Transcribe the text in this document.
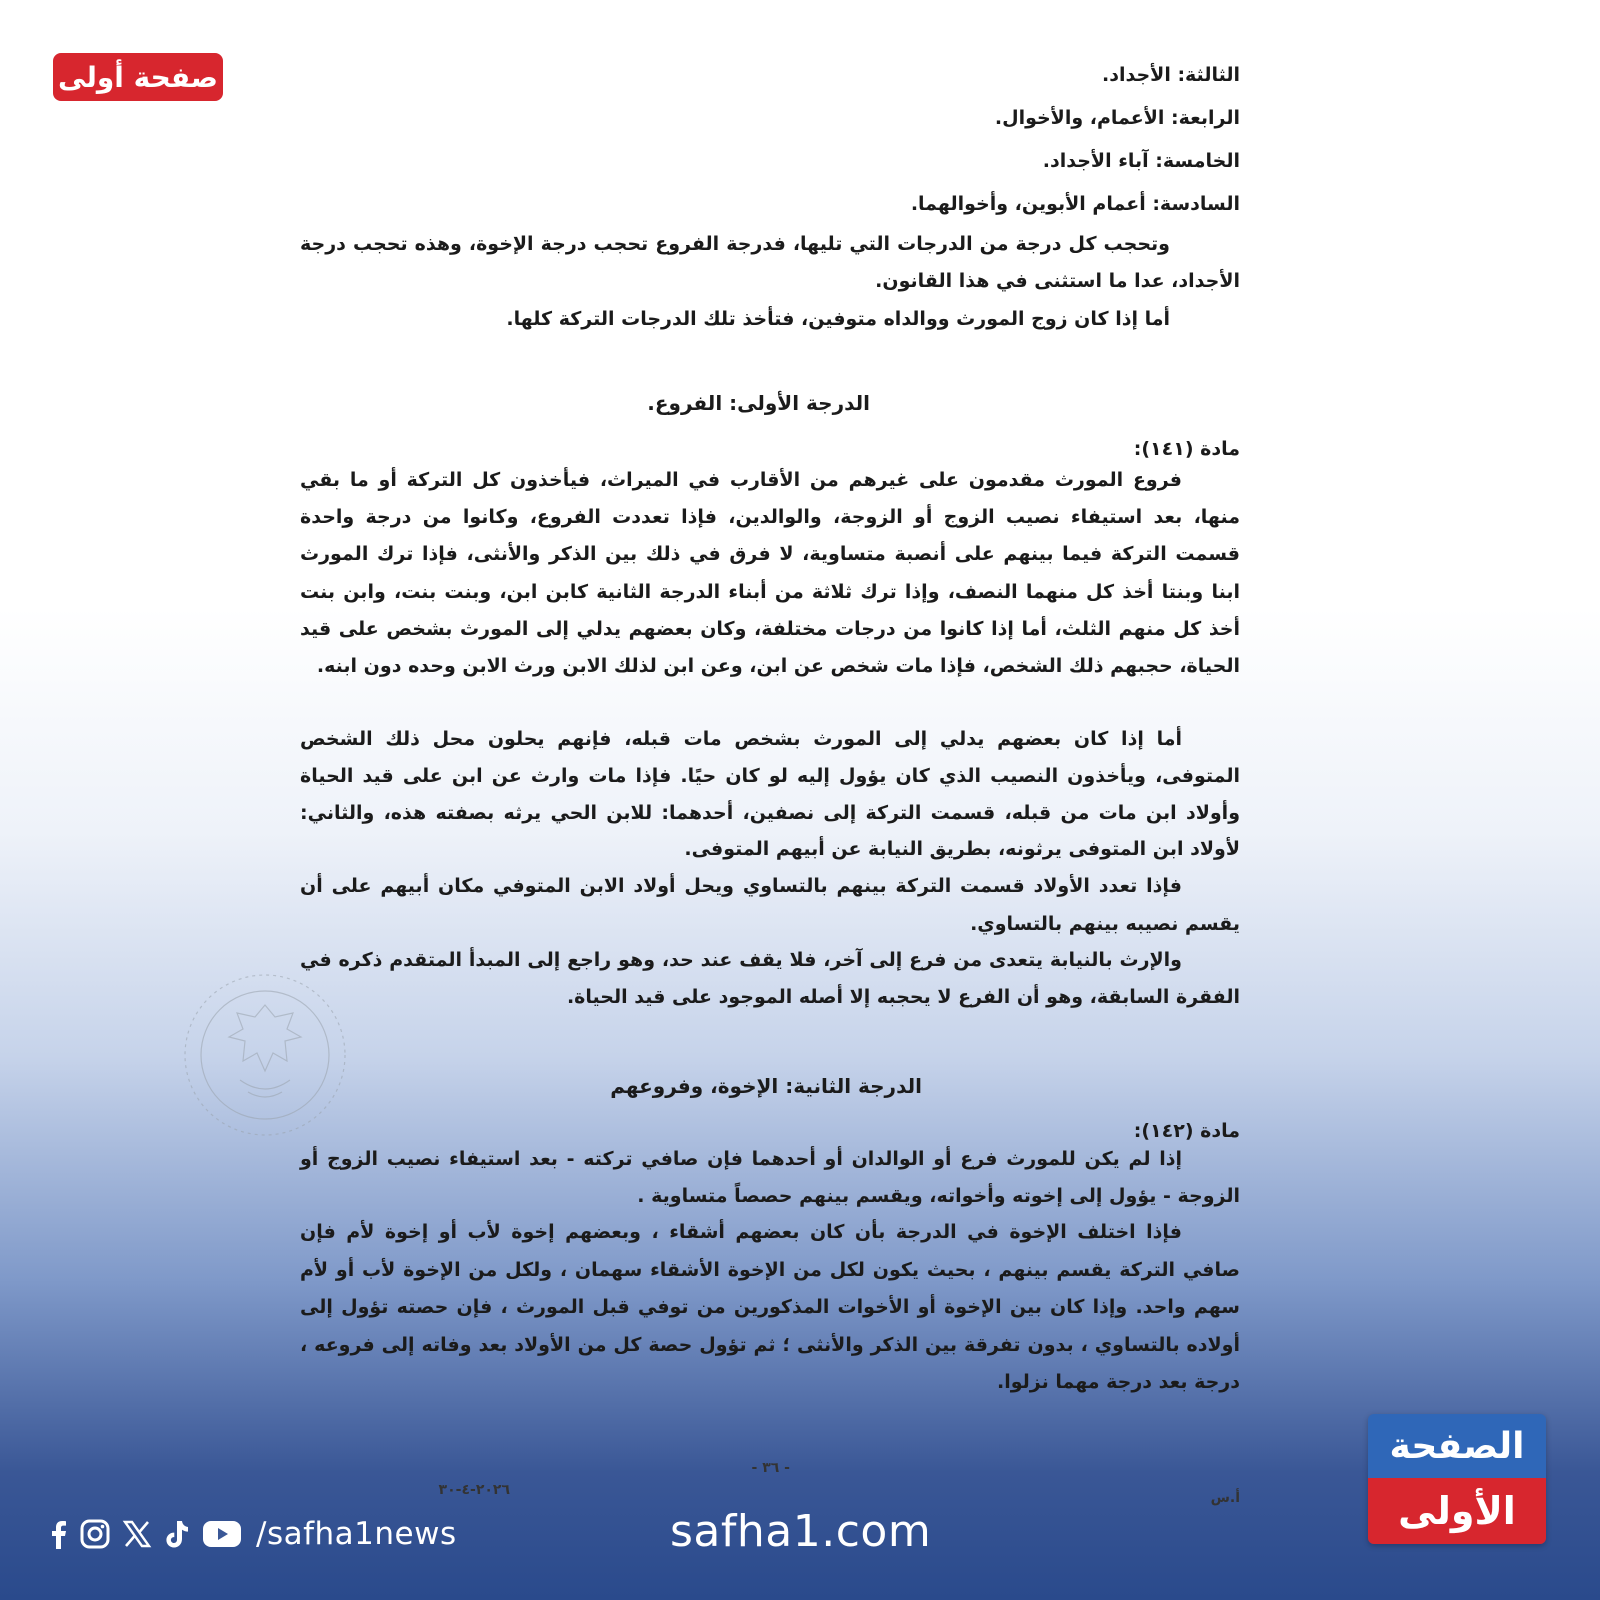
صفحة أولى	الثالثة: الأجداد.
الرابعة: الأعمام، والأخوال.
الخامسة: آباء الأجداد.
السادسة: أعمام الأبوين، وأخوالهما.

وتحجب كل درجة من الدرجات التي تليها، فدرجة الفروع تحجب درجة الإخوة، وهذه تحجب درجة الأجداد، عدا ما استثنى في هذا القانون.

أما إذا كان زوج المورث ووالداه متوفين، فتأخذ تلك الدرجات التركة كلها.
الدرجة الأولى: الفروع.
مادة (١٤١):

فروع المورث مقدمون على غيرهم من الأقارب في الميراث، فيأخذون كل التركة أو ما بقي منها، بعد استيفاء نصيب الزوج أو الزوجة، والوالدين، فإذا تعددت الفروع، وكانوا من درجة واحدة قسمت التركة فيما بينهم على أنصبة متساوية، لا فرق في ذلك بين الذكر والأنثى، فإذا ترك المورث ابنا وبنتا أخذ كل منهما النصف، وإذا ترك ثلاثة من أبناء الدرجة الثانية كابن ابن، وبنت بنت، وابن بنت أخذ كل منهم الثلث، أما إذا كانوا من درجات مختلفة، وكان بعضهم يدلي إلى المورث بشخص على قيد الحياة، حجبهم ذلك الشخص، فإذا مات شخص عن ابن، وعن ابن لذلك الابن ورث الابن وحده دون ابنه.

أما إذا كان بعضهم يدلي إلى المورث بشخص مات قبله، فإنهم يحلون محل ذلك الشخص المتوفى، ويأخذون النصيب الذي كان يؤول إليه لو كان حيًا. فإذا مات وارث عن ابن على قيد الحياة وأولاد ابن مات من قبله، قسمت التركة إلى نصفين، أحدهما: للابن الحي يرثه بصفته هذه، والثاني: لأولاد ابن المتوفى يرثونه، بطريق النيابة عن أبيهم المتوفى.

فإذا تعدد الأولاد قسمت التركة بينهم بالتساوي ويحل أولاد الابن المتوفي مكان أبيهم على أن يقسم نصيبه بينهم بالتساوي.

والإرث بالنيابة يتعدى من فرع إلى آخر، فلا يقف عند حد، وهو راجع إلى المبدأ المتقدم ذكره في الفقرة السابقة، وهو أن الفرع لا يحجبه إلا أصله الموجود على قيد الحياة.

الدرجة الثانية: الإخوة، وفروعهم
مادة (١٤٢):

إذا لم يكن للمورث فرع أو الوالدان أو أحدهما فإن صافي تركته - بعد استيفاء نصيب الزوج أو الزوجة - يؤول إلى إخوته وأخواته، ويقسم بينهم حصصاً متساوية .

فإذا اختلف الإخوة في الدرجة بأن كان بعضهم أشقاء ، وبعضهم إخوة لأب أو إخوة لأم فإن صافي التركة يقسم بينهم ، بحيث يكون لكل من الإخوة الأشقاء سهمان ، ولكل من الإخوة لأب أو لأم سهم واحد. وإذا كان بين الإخوة أو الأخوات المذكورين من توفي قبل المورث ، فإن حصته تؤول إلى أولاده بالتساوي ، بدون تفرقة بين الذكر والأنثى ؛ ثم تؤول حصة كل من الأولاد بعد وفاته إلى فروعه ، درجة بعد درجة مهما نزلوا.

- ٣٦ -
٢٠٢٦-٤-٣٠	أ.س
الصفحة
الأولى
/safha1news	safha1.com
